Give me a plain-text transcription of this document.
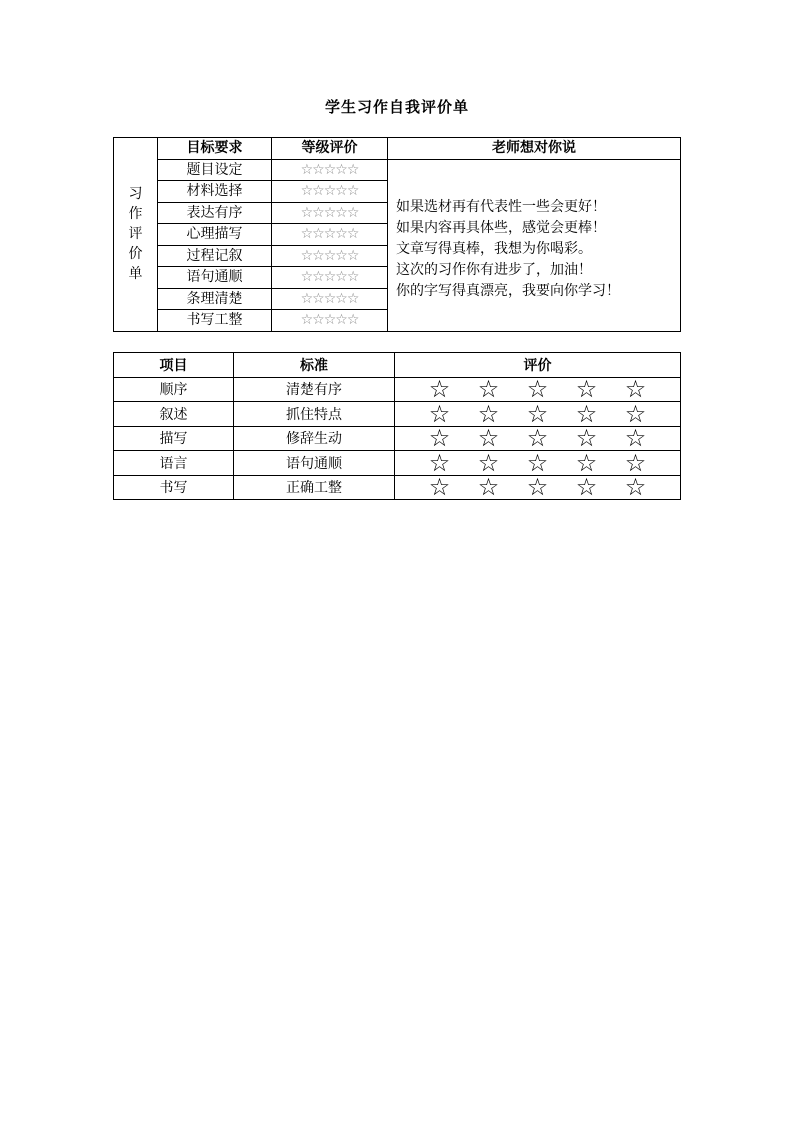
学生习作自我评价单
习
作
评
价
单	目标要求	等级评价	老师想对你说
	题目设定	☆☆☆☆☆	如果选材再有代表性一些会更好！
如果内容再具体些，感觉会更棒！
文章写得真棒，我想为你喝彩。
这次的习作你有进步了，加油！
你的字写得真漂亮，我要向你学习！

	材料选择	☆☆☆☆☆	
	表达有序	☆☆☆☆☆	
	心理描写	☆☆☆☆☆	
	过程记叙	☆☆☆☆☆	
	语句通顺	☆☆☆☆☆	
	条理清楚	☆☆☆☆☆	
	书写工整	☆☆☆☆☆	
项目	标准	评价
顺序	清楚有序	☆ ☆ ☆ ☆ ☆

叙述	抓住特点	☆ ☆ ☆ ☆ ☆

描写	修辞生动	☆ ☆ ☆ ☆ ☆

语言	语句通顺	☆ ☆ ☆ ☆ ☆

书写	正确工整	☆ ☆ ☆ ☆ ☆
